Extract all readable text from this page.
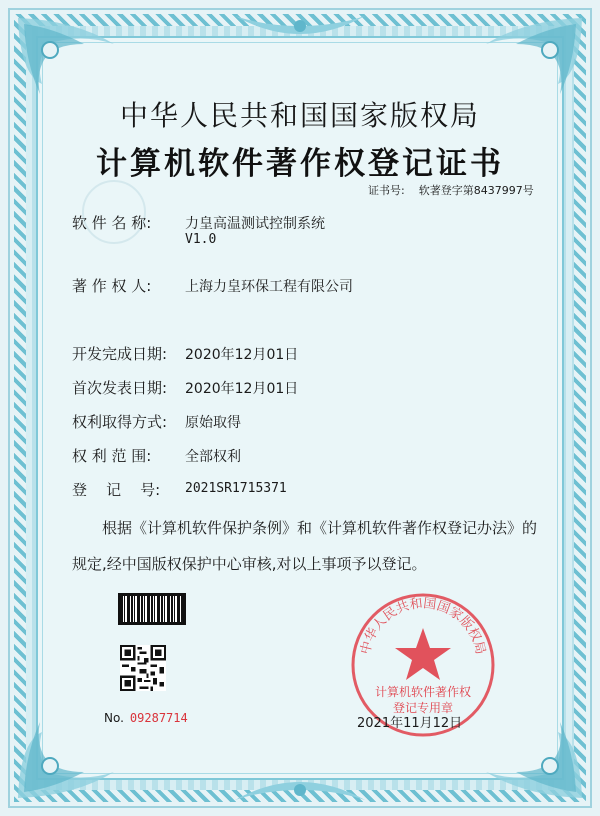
中华人民共和国国家版权局
计算机软件著作权登记证书
证书号: 软著登字第8437997号
软 件 名 称: 力皇高温测试控制系统
V1.0
著 作 权 人: 上海力皇环保工程有限公司
开发完成日期: 2020年12月01日
首次发表日期: 2020年12月01日
权利取得方式: 原始取得
权 利 范 围: 全部权利
登    记    号: 2021SR1715371
根据《计算机软件保护条例》和《计算机软件著作权登记办法》的
规定,经中国版权保护中心审核,对以上事项予以登记。
No. 09287714
中华人民共和国国家版权局
计算机软件著作权
登记专用章
2021年11月12日
